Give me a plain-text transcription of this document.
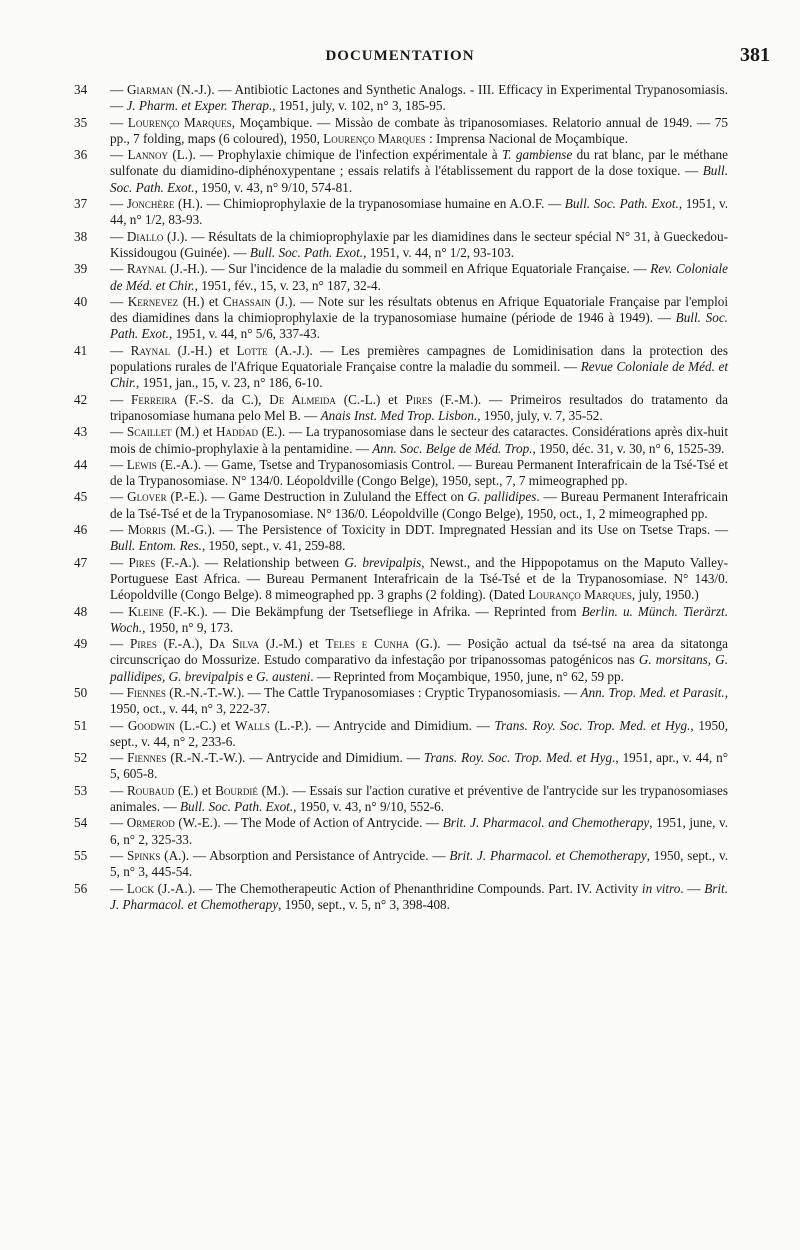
DOCUMENTATION	381
34	— Giarman (N.-J.). — Antibiotic Lactones and Synthetic Analogs. - III. Efficacy in Experimental Trypanosomiasis. — J. Pharm. et Exper. Therap., 1951, july, v. 102, n° 3, 185-95.
35	— Lourenço Marques, Moçambique. — Missào de combate às tripanosomiases. Relatorio annual de 1949. — 75 pp., 7 folding, maps (6 coloured), 1950, Lourenço Marques : Imprensa Nacional de Moçambique.
36	— Lannoy (L.). — Prophylaxie chimique de l'infection expérimentale à T. gambiense du rat blanc, par le méthane sulfonate du diamidino-diphénoxypentane ; essais relatifs à l'établissement du rapport de la dose toxique. — Bull. Soc. Path. Exot., 1950, v. 43, n° 9/10, 574-81.
37	— Jonchère (H.). — Chimioprophylaxie de la trypanosomiase humaine en A.O.F. — Bull. Soc. Path. Exot., 1951, v. 44, n° 1/2, 83-93.
38	— Diallo (J.). — Résultats de la chimioprophylaxie par les diamidines dans le secteur spécial N° 31, à Gueckedou-Kissidougou (Guinée). — Bull. Soc. Path. Exot., 1951, v. 44, n° 1/2, 93-103.
39	— Raynal (J.-H.). — Sur l'incidence de la maladie du sommeil en Afrique Equatoriale Française. — Rev. Coloniale de Méd. et Chir., 1951, fév., 15, v. 23, n° 187, 32-4.
40	— Kernevez (H.) et Chassain (J.). — Note sur les résultats obtenus en Afrique Equatoriale Française par l'emploi des diamidines dans la chimioprophylaxie de la trypanosomiase humaine (période de 1946 à 1949). — Bull. Soc. Path. Exot., 1951, v. 44, n° 5/6, 337-43.
41	— Raynal (J.-H.) et Lotte (A.-J.). — Les premières campagnes de Lomidinisation dans la protection des populations rurales de l'Afrique Equatoriale Française contre la maladie du sommeil. — Revue Coloniale de Méd. et Chir., 1951, jan., 15, v. 23, n° 186, 6-10.
42	— Ferreira (F.-S. da C.), De Almeida (C.-L.) et Pires (F.-M.). — Primeiros resultados do tratamento da tripanosomiase humana pelo Mel B. — Anais Inst. Med Trop. Lisbon., 1950, july, v. 7, 35-52.
43	— Scaillet (M.) et Haddad (E.). — La trypanosomiase dans le secteur des cataractes. Considérations après dix-huit mois de chimio-prophylaxie à la pentamidine. — Ann. Soc. Belge de Méd. Trop., 1950, déc. 31, v. 30, n° 6, 1525-39.
44	— Lewis (E.-A.). — Game, Tsetse and Trypanosomiasis Control. — Bureau Permanent Interafricain de la Tsé-Tsé et de la Trypanosomiase. N° 134/0. Léopoldville (Congo Belge), 1950, sept., 7, 7 mimeographed pp.
45	— Glover (P.-E.). — Game Destruction in Zululand the Effect on G. pallidipes. — Bureau Permanent Interafricain de la Tsé-Tsé et de la Trypanosomiase. N° 136/0. Léopoldville (Congo Belge), 1950, oct., 1, 2 mimeographed pp.
46	— Morris (M.-G.). — The Persistence of Toxicity in DDT. Impregnated Hessian and its Use on Tsetse Traps. — Bull. Entom. Res., 1950, sept., v. 41, 259-88.
47	— Pires (F.-A.). — Relationship between G. brevipalpis, Newst., and the Hippopotamus on the Maputo Valley-Portuguese East Africa. — Bureau Permanent Interafricain de la Tsé-Tsé et de la Trypanosomiase. N° 143/0. Léopoldville (Congo Belge). 8 mimeographed pp. 3 graphs (2 folding). (Dated Lourançо Marques, july, 1950.)
48	— Kleine (F.-K.). — Die Bekämpfung der Tsetsefliege in Afrika. — Reprinted from Berlin. u. Münch. Tierärzt. Woch., 1950, n° 9, 173.
49	— Pires (F.-A.), Da Silva (J.-M.) et Teles e Cunha (G.). — Posição actual da tsé-tsé na area da sitatonga circunscriçao do Mossurize. Estudo comparativo da infestaçâo por tripanossomas patogénicos nas G. morsitans, G. pallidipes, G. brevipalpis e G. austeni. — Reprinted from Moçambique, 1950, june, n° 62, 59 pp.
50	— Fiennes (R.-N.-T.-W.). — The Cattle Trypanosomiases : Cryptic Trypanosomiasis. — Ann. Trop. Med. et Parasit., 1950, oct., v. 44, n° 3, 222-37.
51	— Goodwin (L.-C.) et Walls (L.-P.). — Antrycide and Dimidium. — Trans. Roy. Soc. Trop. Med. et Hyg., 1950, sept., v. 44, n° 2, 233-6.
52	— Fiennes (R.-N.-T.-W.). — Antrycide and Dimidium. — Trans. Roy. Soc. Trop. Med. et Hyg., 1951, apr., v. 44, n° 5, 605-8.
53	— Roubaud (E.) et Bourdié (M.). — Essais sur l'action curative et préventive de l'antrycide sur les trypanosomiases animales. — Bull. Soc. Path. Exot., 1950, v. 43, n° 9/10, 552-6.
54	— Ormerod (W.-E.). — The Mode of Action of Antrycide. — Brit. J. Pharmacol. and Chemotherapy, 1951, june, v. 6, n° 2, 325-33.
55	— Spinks (A.). — Absorption and Persistance of Antrycide. — Brit. J. Pharmacol. et Chemotherapy, 1950, sept., v. 5, n° 3, 445-54.
56	— Lock (J.-A.). — The Chemotherapeutic Action of Phenanthridine Compounds. Part. IV. Activity in vitro. — Brit. J. Pharmacol. et Chemotherapy, 1950, sept., v. 5, n° 3, 398-408.
